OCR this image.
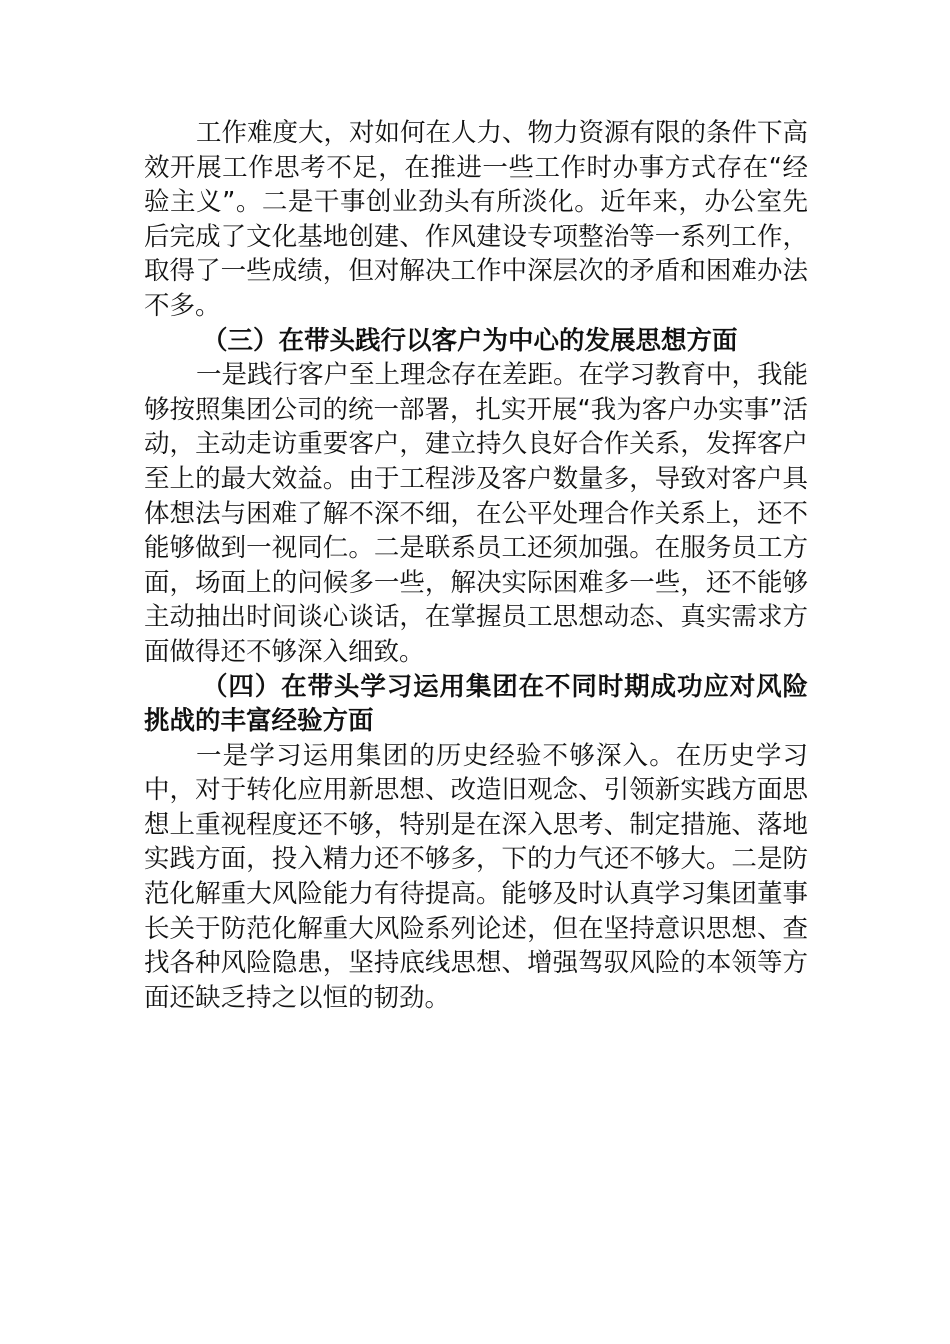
工作难度大，对如何在人力、物力资源有限的条件下高效开展工作思考不足，在推进一些工作时办事方式存在“经验主义”。二是干事创业劲头有所淡化。近年来，办公室先后完成了文化基地创建、作风建设专项整治等一系列工作，取得了一些成绩，但对解决工作中深层次的矛盾和困难办法不多。

（三）在带头践行以客户为中心的发展思想方面

一是践行客户至上理念存在差距。在学习教育中，我能够按照集团公司的统一部署，扎实开展“我为客户办实事”活动，主动走访重要客户，建立持久良好合作关系，发挥客户至上的最大效益。由于工程涉及客户数量多，导致对客户具体想法与困难了解不深不细，在公平处理合作关系上，还不能够做到一视同仁。二是联系员工还须加强。在服务员工方面，场面上的问候多一些，解决实际困难多一些，还不能够主动抽出时间谈心谈话，在掌握员工思想动态、真实需求方面做得还不够深入细致。

（四）在带头学习运用集团在不同时期成功应对风险挑战的丰富经验方面

一是学习运用集团的历史经验不够深入。在历史学习中，对于转化应用新思想、改造旧观念、引领新实践方面思想上重视程度还不够，特别是在深入思考、制定措施、落地实践方面，投入精力还不够多，下的力气还不够大。二是防范化解重大风险能力有待提高。能够及时认真学习集团董事长关于防范化解重大风险系列论述，但在坚持意识思想、查找各种风险隐患，坚持底线思想、增强驾驭风险的本领等方面还缺乏持之以恒的韧劲。
